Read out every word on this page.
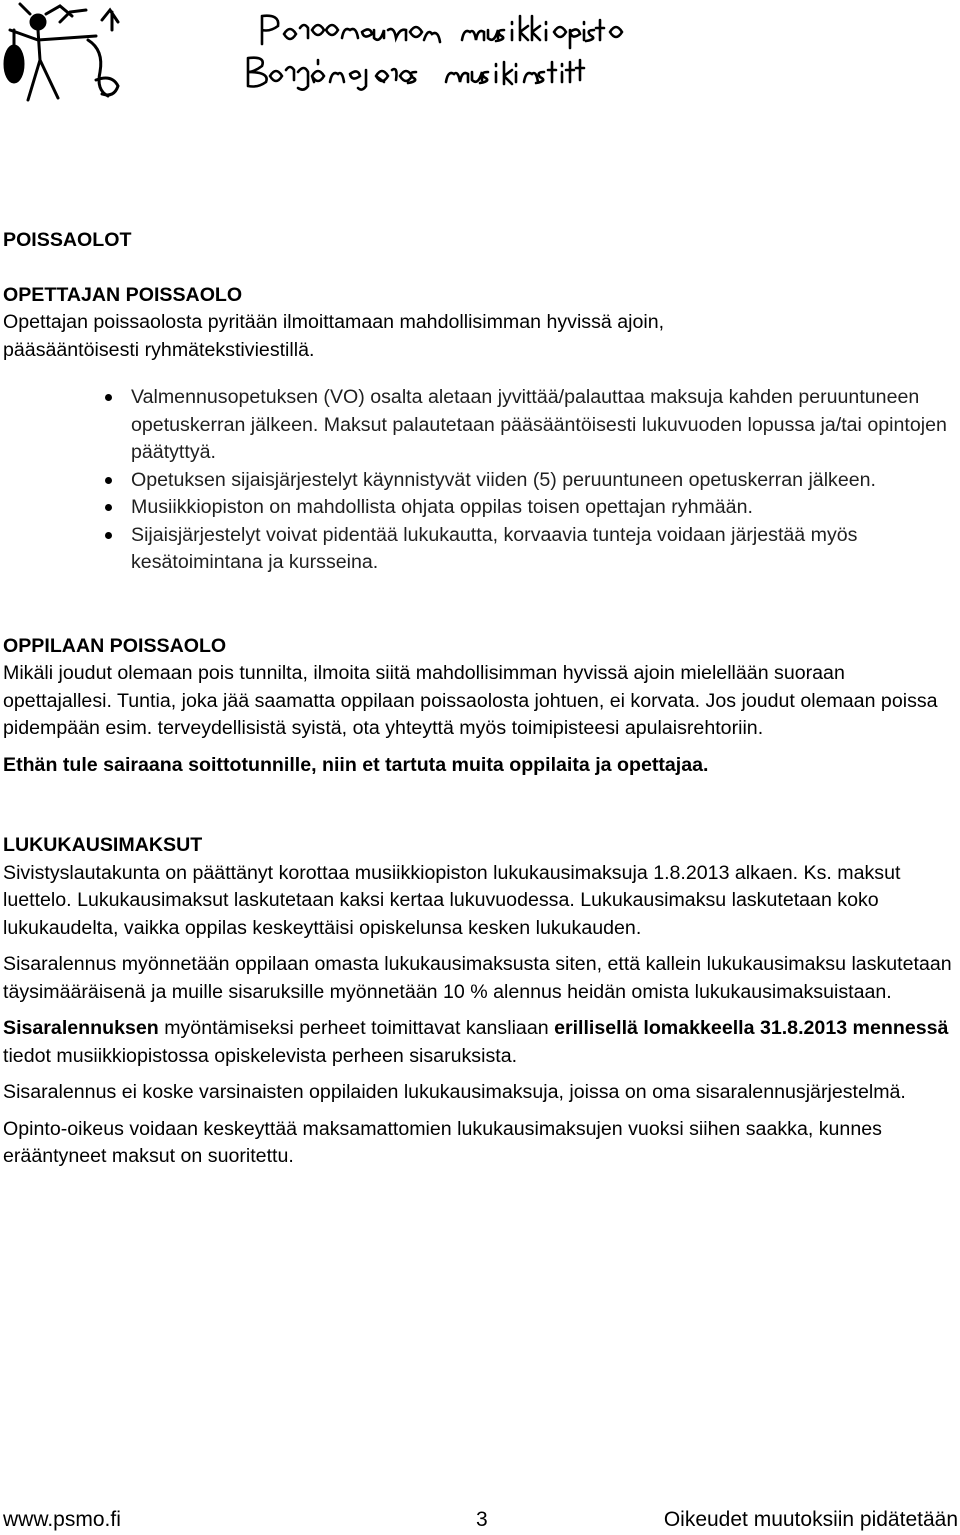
POISSAOLOT
OPETTAJAN POISSAOLO

Opettajan poissaolosta pyritään ilmoittamaan mahdollisimman hyvissä ajoin,

pääsääntöisesti ryhmätekstiviestillä.

Valmennusopetuksen (VO) osalta aletaan jyvittää/palauttaa maksuja kahden peruuntuneen opetuskerran jälkeen. Maksut palautetaan pääsääntöisesti lukuvuoden lopussa ja/tai opintojen päätyttyä.
Opetuksen sijaisjärjestelyt käynnistyvät viiden (5) peruuntuneen opetuskerran jälkeen.
Musiikkiopiston on mahdollista ohjata oppilas toisen opettajan ryhmään.
Sijaisjärjestelyt voivat pidentää lukukautta, korvaavia tunteja voidaan järjestää myös kesätoimintana ja kursseina.
OPPILAAN POISSAOLO

Mikäli joudut olemaan pois tunnilta, ilmoita siitä mahdollisimman hyvissä ajoin mielellään suoraan opettajallesi. Tuntia, joka jää saamatta oppilaan poissaolosta johtuen, ei korvata. Jos joudut olemaan poissa pidempään esim. terveydellisistä syistä, ota yhteyttä myös toimipisteesi apulaisrehtoriin.

Ethän tule sairaana soittotunnille, niin et tartuta muita oppilaita ja opettajaa.

LUKUKAUSIMAKSUT

Sivistyslautakunta on päättänyt korottaa musiikkiopiston lukukausimaksuja 1.8.2013 alkaen. Ks. maksut luettelo. Lukukausimaksut laskutetaan kaksi kertaa lukuvuodessa. Lukukausimaksu laskutetaan koko lukukaudelta, vaikka oppilas keskeyttäisi opiskelunsa kesken lukukauden.

Sisaralennus myönnetään oppilaan omasta lukukausimaksusta siten, että kallein lukukausimaksu laskutetaan täysimääräisenä ja muille sisaruksille myönnetään 10 % alennus heidän omista lukukausimaksuistaan.

Sisaralennuksen myöntämiseksi perheet toimittavat kansliaan erillisellä lomakkeella 31.8.2013 mennessä tiedot musiikkiopistossa opiskelevista perheen sisaruksista.

Sisaralennus ei koske varsinaisten oppilaiden lukukausimaksuja, joissa on oma sisaralennusjärjestelmä.

Opinto-oikeus voidaan keskeyttää maksamattomien lukukausimaksujen vuoksi siihen saakka, kunnes erääntyneet maksut on suoritettu.

www.psmo.fi	3	Oikeudet muutoksiin pidätetään
